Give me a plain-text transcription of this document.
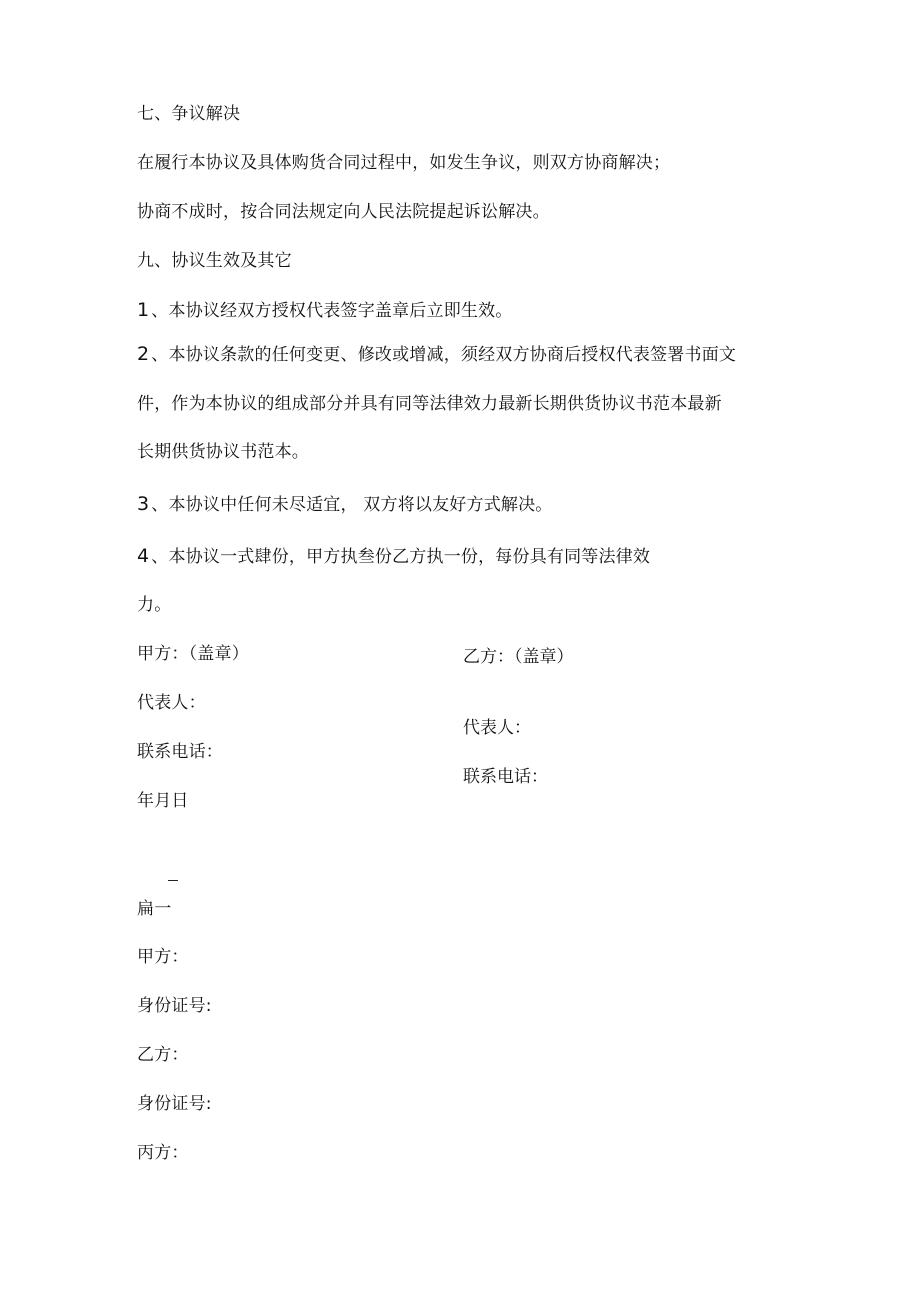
七、争议解决
在履行本协议及具体购货合同过程中，如发生争议，则双方协商解决；
协商不成时，按合同法规定向人民法院提起诉讼解决。
九、协议生效及其它
1 、本协议经双方授权代表签字盖章后立即生效。
2 、本协议条款的任何变更、修改或增减，须经双方协商后授权代表签署书面文
件，作为本协议的组成部分并具有同等法律效力最新长期供货协议书范本最新
长期供货协议书范本。
3 、本协议中任何未尽适宜， 双方将以友好方式解决。
4 、本协议一式肆份，甲方执叁份乙方执一份，每份具有同等法律效
力。
甲方：（盖章）
代表人：
联系电话：
年月日
乙方：（盖章）
代表人：
联系电话：
扁一
甲方：
身份证号:
乙方：
身份证号:
丙方：
